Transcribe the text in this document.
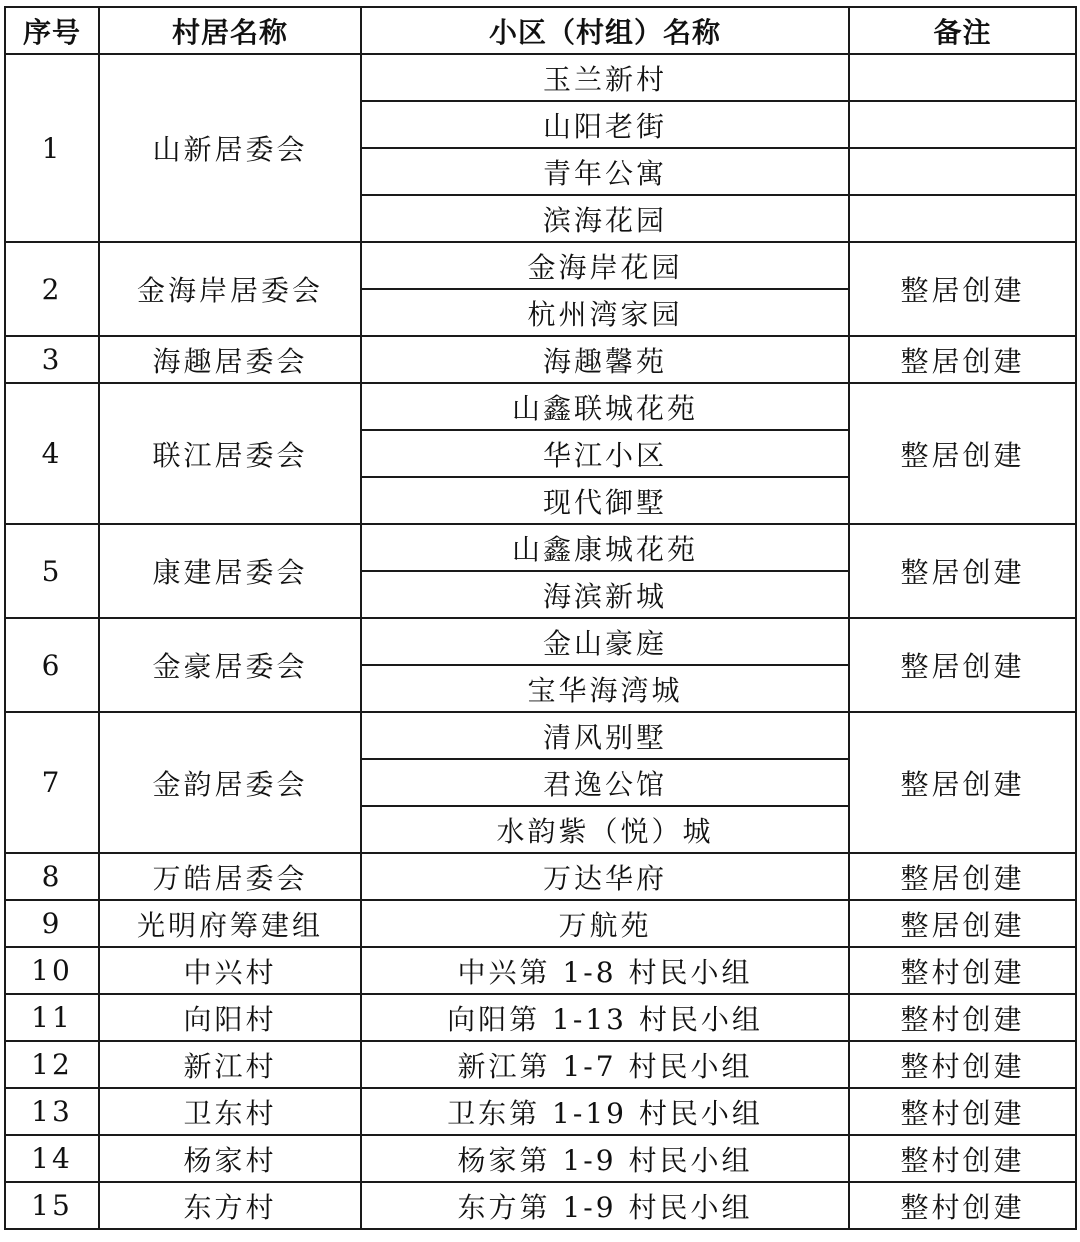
序号	村居名称	小区（村组）名称	备注
1	山新居委会	玉兰新村	
		山阳老街	
		青年公寓	
		滨海花园	
2	金海岸居委会	金海岸花园	整居创建
		杭州湾家园	
3	海趣居委会	海趣馨苑	整居创建
4	联江居委会	山鑫联城花苑	整居创建
		华江小区	
		现代御墅	
5	康建居委会	山鑫康城花苑	整居创建
		海滨新城	
6	金豪居委会	金山豪庭	整居创建
		宝华海湾城	
7	金韵居委会	清风别墅	整居创建
		君逸公馆	
		水韵紫（悦）城	
8	万皓居委会	万达华府	整居创建
9	光明府筹建组	万航苑	整居创建
10	中兴村	中兴第 1-8 村民小组	整村创建
11	向阳村	向阳第 1-13 村民小组	整村创建
12	新江村	新江第 1-7 村民小组	整村创建
13	卫东村	卫东第 1-19 村民小组	整村创建
14	杨家村	杨家第 1-9 村民小组	整村创建
15	东方村	东方第 1-9 村民小组	整村创建
